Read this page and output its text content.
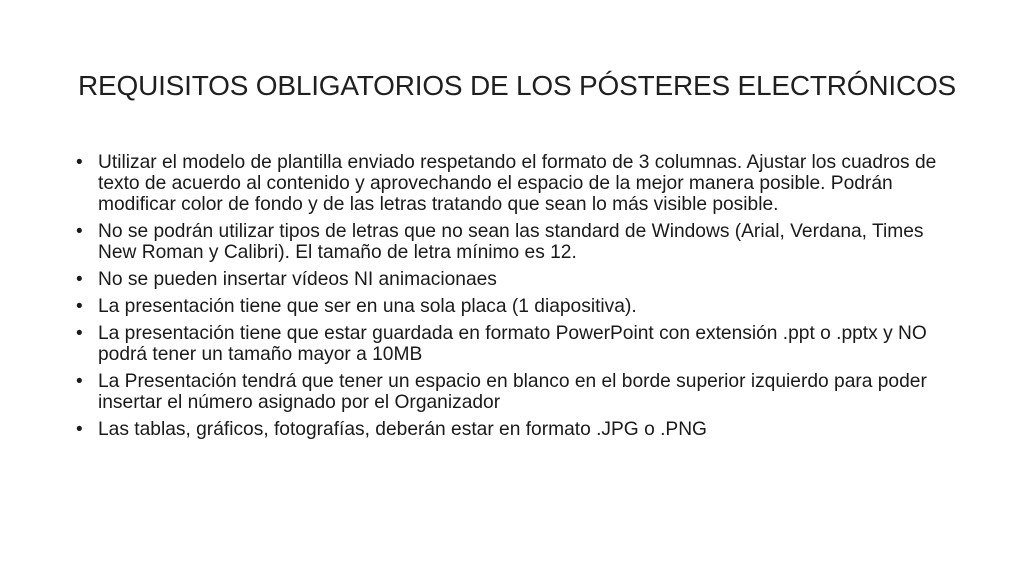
REQUISITOS OBLIGATORIOS DE LOS PÓSTERES ELECTRÓNICOS
• Utilizar el modelo de plantilla enviado respetando el formato de 3 columnas. Ajustar los cuadros de texto de acuerdo al contenido y aprovechando el espacio de la mejor manera posible. Podrán modificar color de fondo y de las letras tratando que sean lo más visible posible.
• No se podrán utilizar tipos de letras que no sean las standard de Windows (Arial, Verdana, Times New Roman y Calibri). El tamaño de letra mínimo es 12.
• No se pueden insertar vídeos NI animacionaes
• La presentación tiene que ser en una sola placa (1 diapositiva).
• La presentación tiene que estar guardada en formato PowerPoint con extensión .ppt o .pptx y NO podrá tener un tamaño mayor a 10MB
• La Presentación tendrá que tener un espacio en blanco en el borde superior izquierdo para poder insertar el número asignado por el Organizador
• Las tablas, gráficos, fotografías, deberán estar en formato .JPG o .PNG
